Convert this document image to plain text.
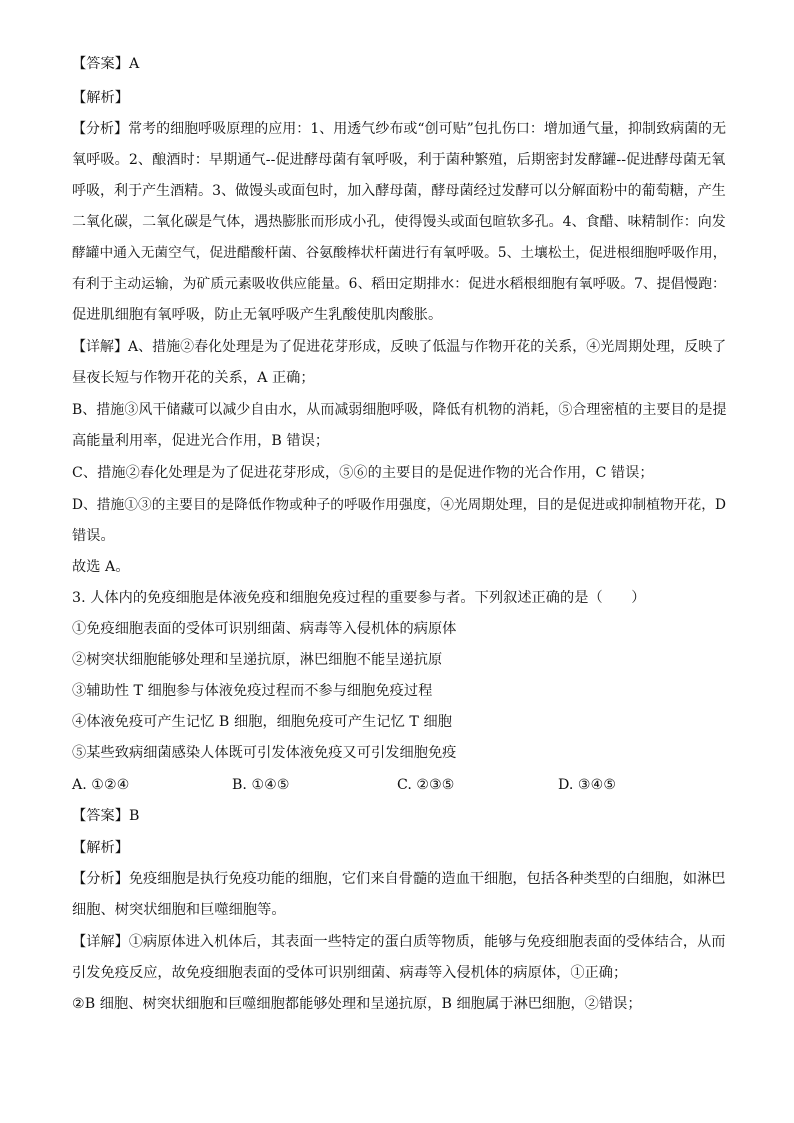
【答案】A
【解析】
【分析】常考的细胞呼吸原理的应用：1、用透气纱布或“创可贴”包扎伤口：增加通气量，抑制致病菌的无
氧呼吸。2、酿酒时：早期通气--促进酵母菌有氧呼吸，利于菌种繁殖，后期密封发酵罐--促进酵母菌无氧
呼吸，利于产生酒精。3、做馒头或面包时，加入酵母菌，酵母菌经过发酵可以分解面粉中的葡萄糖，产生
二氧化碳，二氧化碳是气体，遇热膨胀而形成小孔，使得馒头或面包暄软多孔。4、食醋、味精制作：向发
酵罐中通入无菌空气，促进醋酸杆菌、谷氨酸棒状杆菌进行有氧呼吸。5、土壤松土，促进根细胞呼吸作用，
有利于主动运输，为矿质元素吸收供应能量。6、稻田定期排水：促进水稻根细胞有氧呼吸。7、提倡慢跑：
促进肌细胞有氧呼吸，防止无氧呼吸产生乳酸使肌肉酸胀。
【详解】A、措施②春化处理是为了促进花芽形成，反映了低温与作物开花的关系，④光周期处理，反映了
昼夜长短与作物开花的关系，A 正确；
B、措施③风干储藏可以减少自由水，从而减弱细胞呼吸，降低有机物的消耗，⑤合理密植的主要目的是提
高能量利用率，促进光合作用，B 错误；
C、措施②春化处理是为了促进花芽形成，⑤⑥的主要目的是促进作物的光合作用，C 错误；
D、措施①③的主要目的是降低作物或种子的呼吸作用强度，④光周期处理，目的是促进或抑制植物开花，D
错误。
故选 A。
3. 人体内的免疫细胞是体液免疫和细胞免疫过程的重要参与者。下列叙述正确的是（　　）
①免疫细胞表面的受体可识别细菌、病毒等入侵机体的病原体
②树突状细胞能够处理和呈递抗原，淋巴细胞不能呈递抗原
③辅助性 T 细胞参与体液免疫过程而不参与细胞免疫过程
④体液免疫可产生记忆 B 细胞，细胞免疫可产生记忆 T 细胞
⑤某些致病细菌感染人体既可引发体液免疫又可引发细胞免疫
【答案】B
【解析】
【分析】免疫细胞是执行免疫功能的细胞，它们来自骨髓的造血干细胞，包括各种类型的白细胞，如淋巴
细胞、树突状细胞和巨噬细胞等。
【详解】①病原体进入机体后，其表面一些特定的蛋白质等物质，能够与免疫细胞表面的受体结合，从而
引发免疫反应，故免疫细胞表面的受体可识别细菌、病毒等入侵机体的病原体，①正确；
②B 细胞、树突状细胞和巨噬细胞都能够处理和呈递抗原，B 细胞属于淋巴细胞，②错误；
A. ①②④	B. ①④⑤	C. ②③⑤	D. ③④⑤
